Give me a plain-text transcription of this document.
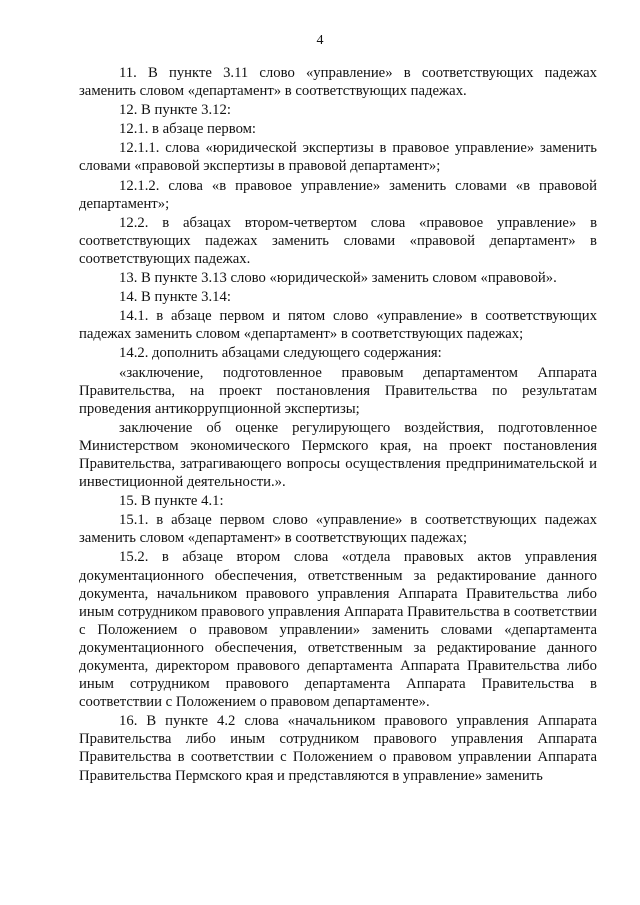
4

11. В пункте 3.11 слово «управление» в соответствующих падежах заменить словом «департамент» в соответствующих падежах.

12. В пункте 3.12:

12.1. в абзаце первом:

12.1.1. слова «юридической экспертизы в правовое управление» заменить словами «правовой экспертизы в правовой департамент»;

12.1.2. слова «в правовое управление» заменить словами «в правовой департамент»;

12.2. в абзацах втором-четвертом слова «правовое управление» в соответствующих падежах заменить словами «правовой департамент» в соответствующих падежах.

13. В пункте 3.13 слово «юридической» заменить словом «правовой».

14. В пункте 3.14:

14.1. в абзаце первом и пятом слово «управление» в соответствующих падежах заменить словом «департамент» в соответствующих падежах;

14.2. дополнить абзацами следующего содержания:

«заключение, подготовленное правовым департаментом Аппарата Правительства, на проект постановления Правительства по результатам проведения антикоррупционной экспертизы;

заключение об оценке регулирующего воздействия, подготовленное Министерством экономического Пермского края, на проект постановления Правительства, затрагивающего вопросы осуществления предпринимательской и инвестиционной деятельности.».

15. В пункте 4.1:

15.1. в абзаце первом слово «управление» в соответствующих падежах заменить словом «департамент» в соответствующих падежах;

15.2. в абзаце втором слова «отдела правовых актов управления документационного обеспечения, ответственным за редактирование данного документа, начальником правового управления Аппарата Правительства либо иным сотрудником правового управления Аппарата Правительства в соответствии с Положением о правовом управлении» заменить словами «департамента документационного обеспечения, ответственным за редактирование данного документа, директором правового департамента Аппарата Правительства либо иным сотрудником правового департамента Аппарата Правительства в соответствии с Положением о правовом департаменте».

16. В пункте 4.2 слова «начальником правового управления Аппарата Правительства либо иным сотрудником правового управления Аппарата Правительства в соответствии с Положением о правовом управлении Аппарата Правительства Пермского края и представляются в управление» заменить
